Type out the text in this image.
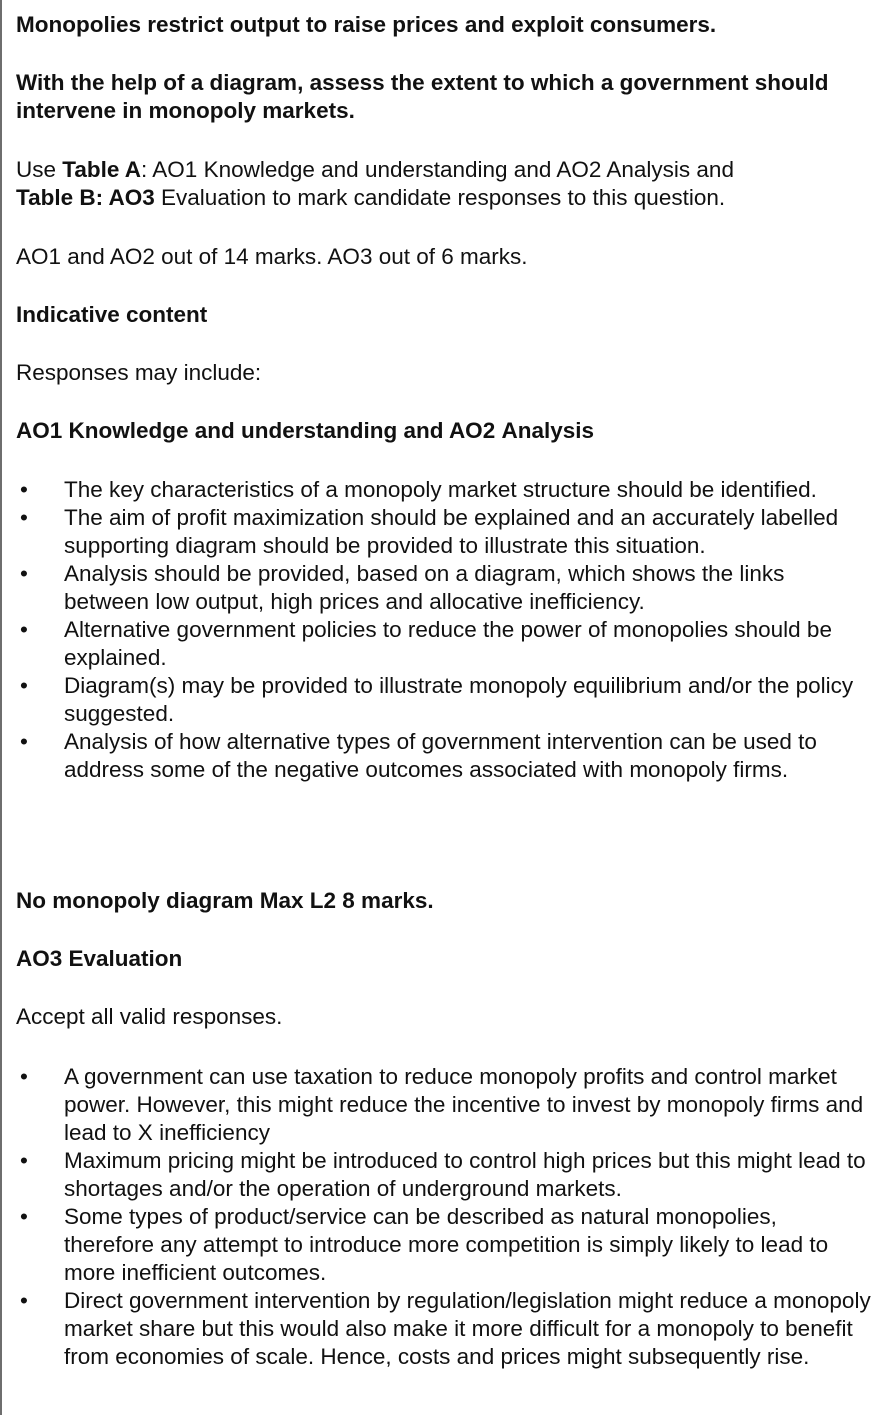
Monopolies restrict output to raise prices and exploit consumers.

With the help of a diagram, assess the extent to which a government should intervene in monopoly markets.

Use Table A: AO1 Knowledge and understanding and AO2 Analysis and
Table B: AO3 Evaluation to mark candidate responses to this question.

AO1 and AO2 out of 14 marks. AO3 out of 6 marks.

Indicative content

Responses may include:

AO1 Knowledge and understanding and AO2 Analysis

•	The key characteristics of a monopoly market structure should be identified.
•	The aim of profit maximization should be explained and an accurately labelled supporting diagram should be provided to illustrate this situation.
•	Analysis should be provided, based on a diagram, which shows the links between low output, high prices and allocative inefficiency.
•	Alternative government policies to reduce the power of monopolies should be explained.
•	Diagram(s) may be provided to illustrate monopoly equilibrium and/or the policy suggested.
•	Analysis of how alternative types of government intervention can be used to address some of the negative outcomes associated with monopoly firms.

No monopoly diagram Max L2 8 marks.

AO3 Evaluation

Accept all valid responses.

•	A government can use taxation to reduce monopoly profits and control market power. However, this might reduce the incentive to invest by monopoly firms and lead to X inefficiency
•	Maximum pricing might be introduced to control high prices but this might lead to shortages and/or the operation of underground markets.
•	Some types of product/service can be described as natural monopolies, therefore any attempt to introduce more competition is simply likely to lead to more inefficient outcomes.
•	Direct government intervention by regulation/legislation might reduce a monopoly market share but this would also make it more difficult for a monopoly to benefit from economies of scale. Hence, costs and prices might subsequently rise.
